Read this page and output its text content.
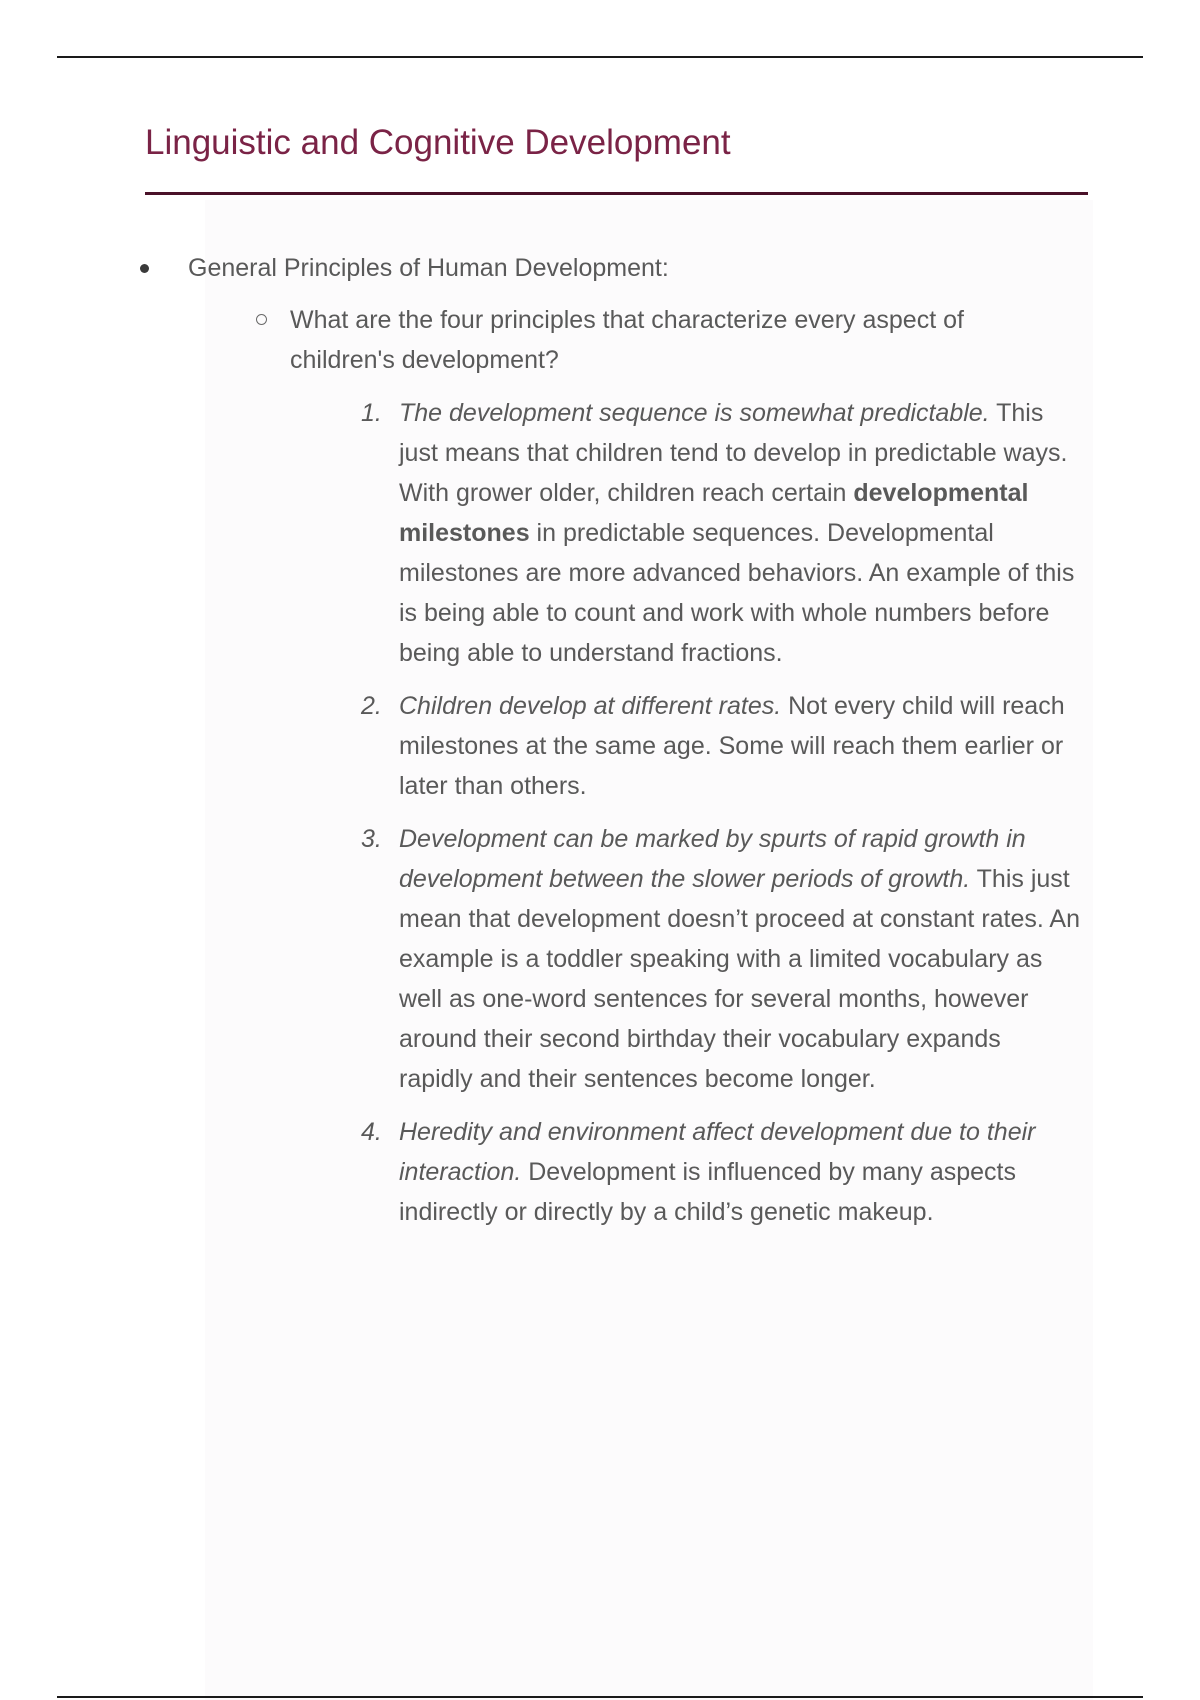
Linguistic and Cognitive Development
General Principles of Human Development:
What are the four principles that characterize every aspect of children's development?
1. The development sequence is somewhat predictable. This just means that children tend to develop in predictable ways. With grower older, children reach certain developmental milestones in predictable sequences. Developmental milestones are more advanced behaviors. An example of this is being able to count and work with whole numbers before being able to understand fractions.
2. Children develop at different rates. Not every child will reach milestones at the same age. Some will reach them earlier or later than others.
3. Development can be marked by spurts of rapid growth in development between the slower periods of growth. This just mean that development doesn’t proceed at constant rates. An example is a toddler speaking with a limited vocabulary as well as one-word sentences for several months, however around their second birthday their vocabulary expands rapidly and their sentences become longer.
4. Heredity and environment affect development due to their interaction. Development is influenced by many aspects indirectly or directly by a child’s genetic makeup.
